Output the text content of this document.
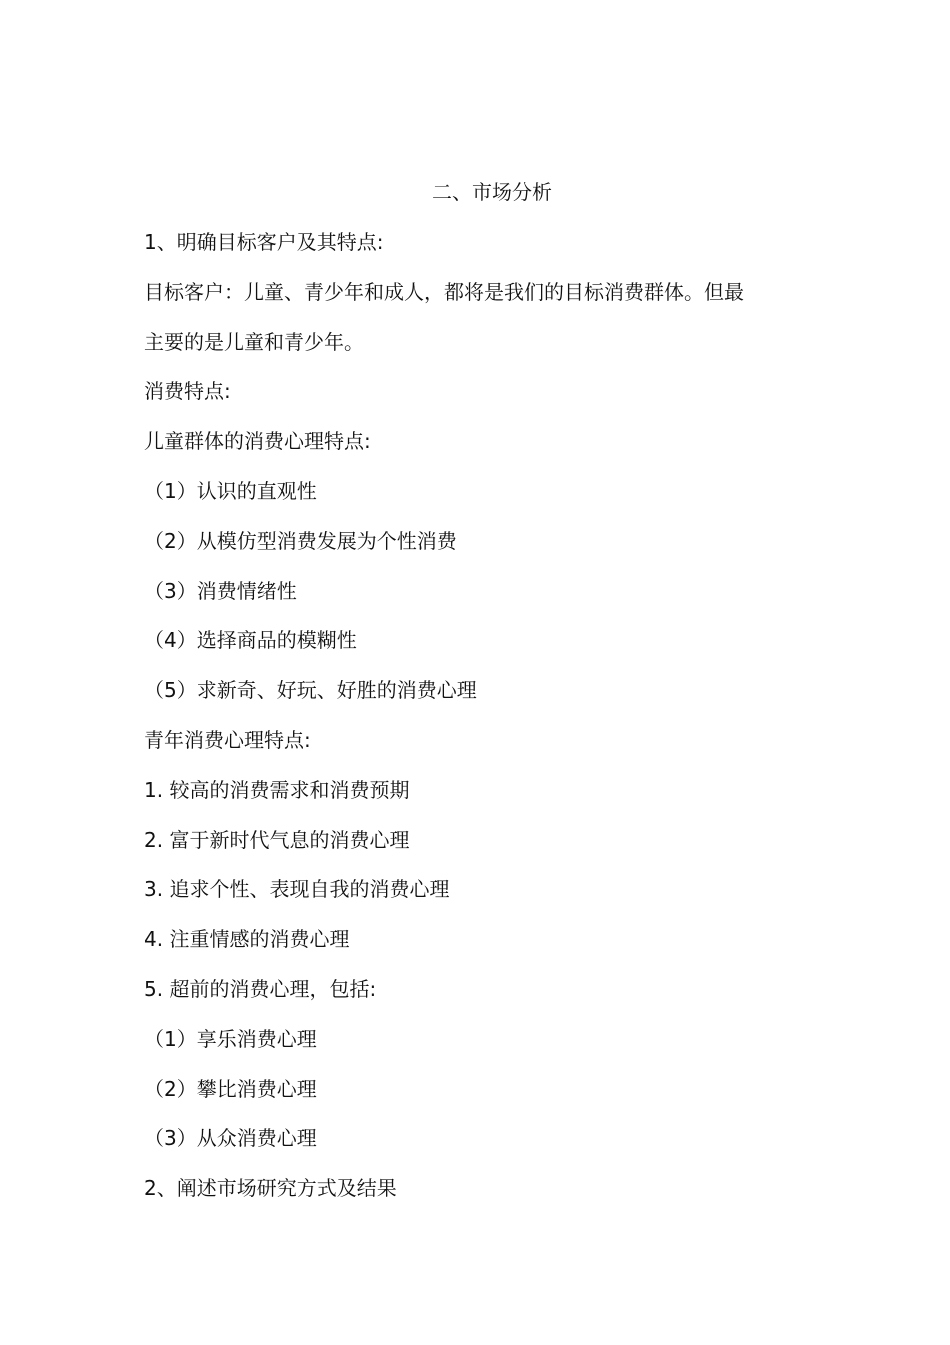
二、市场分析
1、明确目标客户及其特点:
目标客户：儿童、青少年和成人，都将是我们的目标消费群体。但最
主要的是儿童和青少年。
消费特点:
儿童群体的消费心理特点:
（1）认识的直观性
（2）从模仿型消费发展为个性消费
（3）消费情绪性
（4）选择商品的模糊性
（5）求新奇、好玩、好胜的消费心理
青年消费心理特点:
1. 较高的消费需求和消费预期
2. 富于新时代气息的消费心理
3. 追求个性、表现自我的消费心理
4. 注重情感的消费心理
5. 超前的消费心理，包括:
（1）享乐消费心理
（2）攀比消费心理
（3）从众消费心理
2、阐述市场研究方式及结果
